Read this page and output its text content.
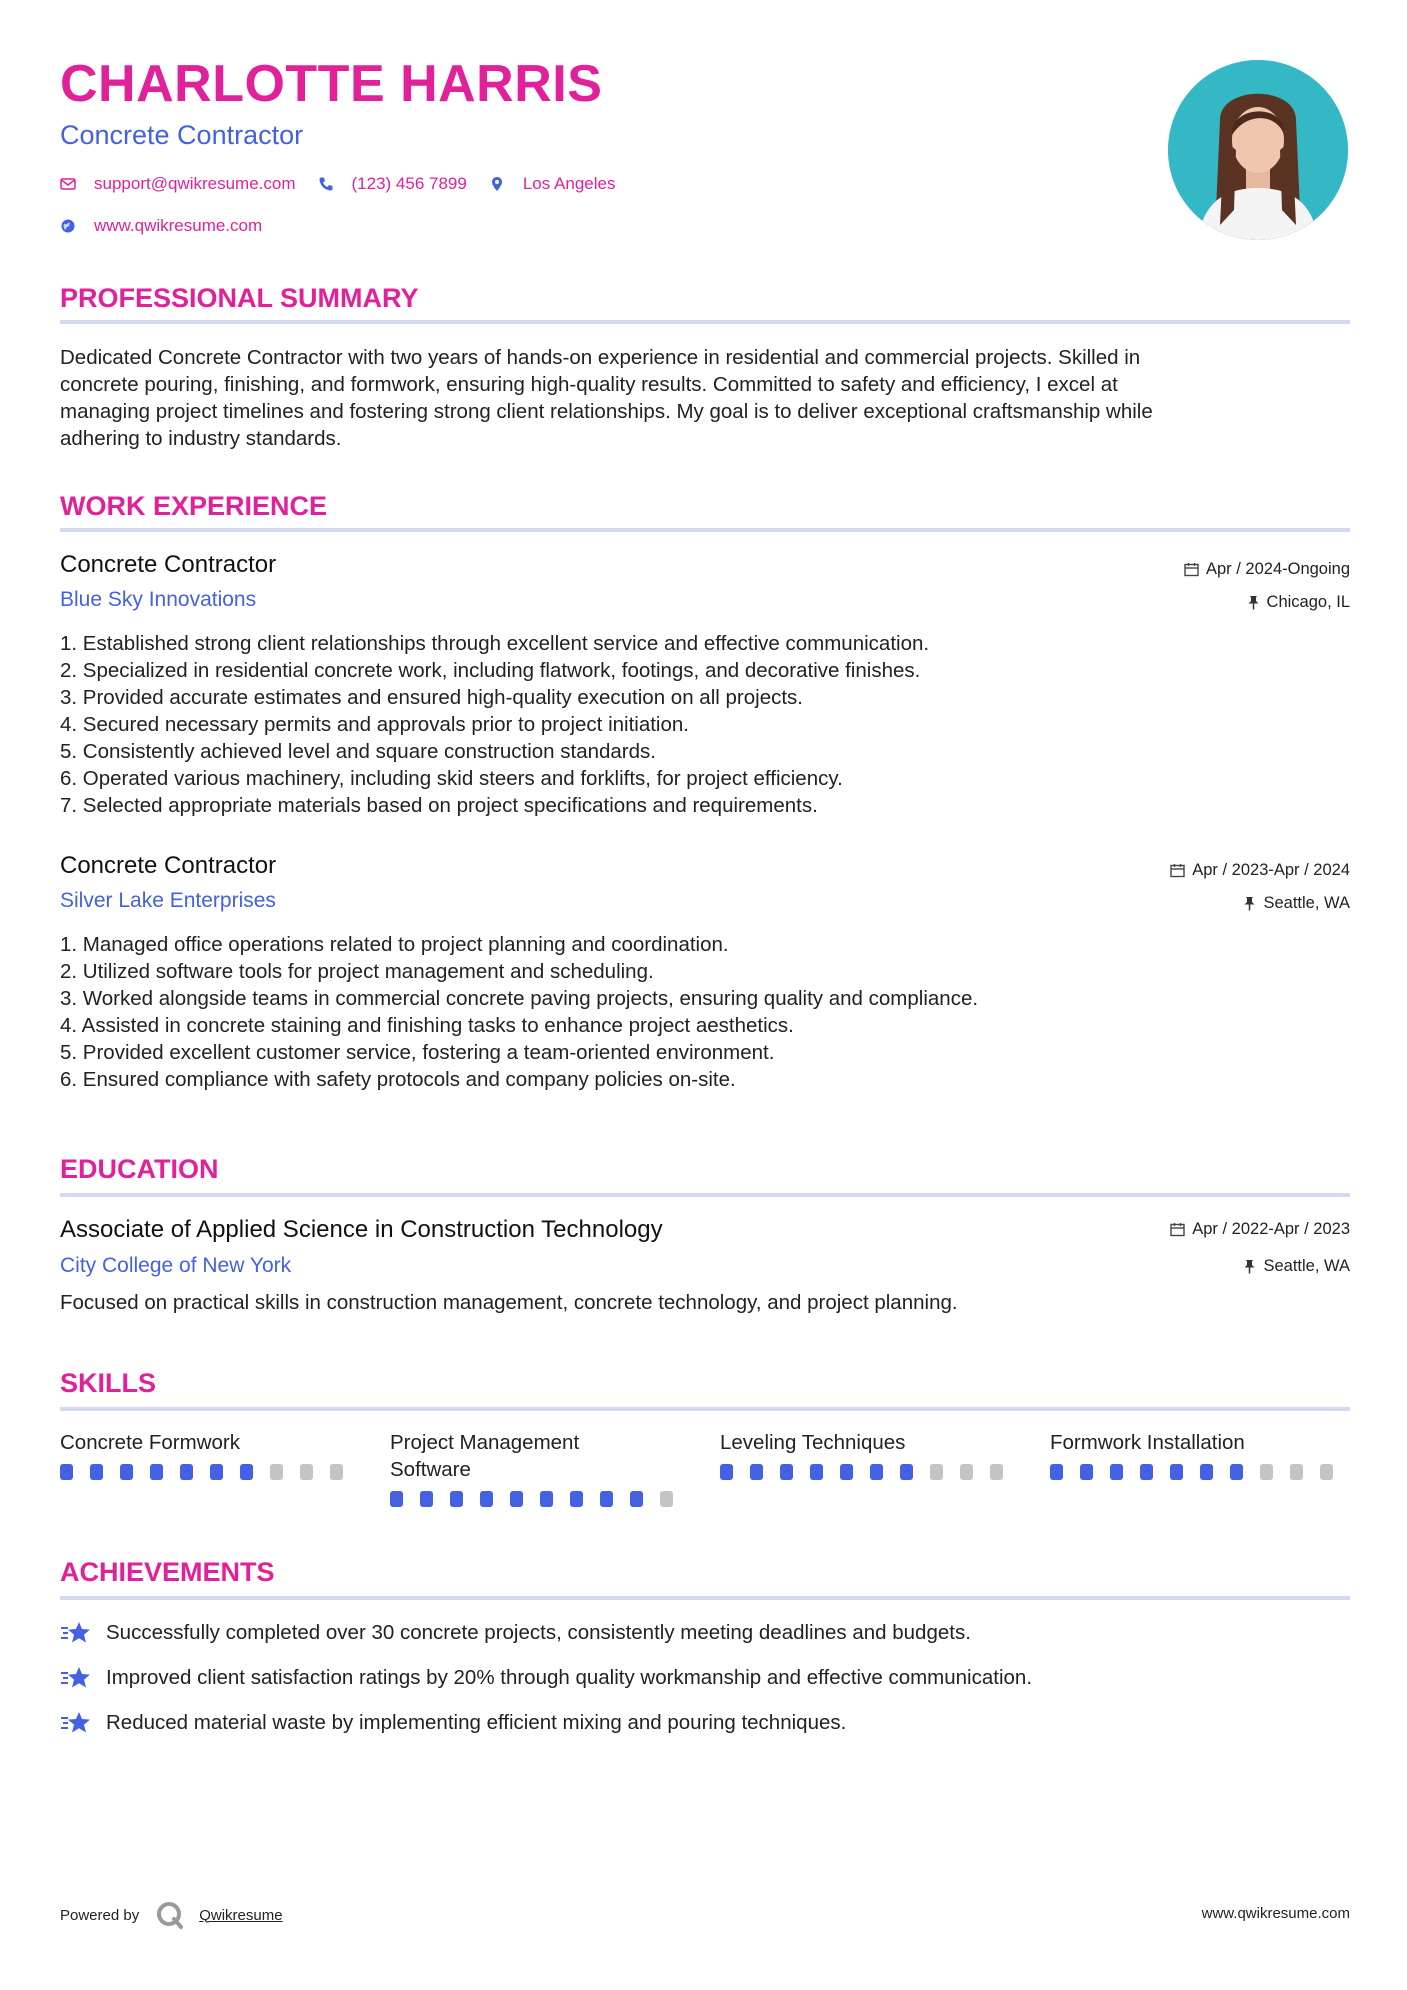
CHARLOTTE HARRIS
Concrete Contractor
support@qwikresume.com	(123) 456 7899	Los Angeles
www.qwikresume.com
PROFESSIONAL SUMMARY
Dedicated Concrete Contractor with two years of hands-on experience in residential and commercial projects. Skilled in
concrete pouring, finishing, and formwork, ensuring high-quality results. Committed to safety and efficiency, I excel at
managing project timelines and fostering strong client relationships. My goal is to deliver exceptional craftsmanship while
adhering to industry standards.
WORK EXPERIENCE
Concrete Contractor	Apr / 2024-Ongoing
Blue Sky Innovations	Chicago, IL
1. Established strong client relationships through excellent service and effective communication.
2. Specialized in residential concrete work, including flatwork, footings, and decorative finishes.
3. Provided accurate estimates and ensured high-quality execution on all projects.
4. Secured necessary permits and approvals prior to project initiation.
5. Consistently achieved level and square construction standards.
6. Operated various machinery, including skid steers and forklifts, for project efficiency.
7. Selected appropriate materials based on project specifications and requirements.
Concrete Contractor	Apr / 2023-Apr / 2024
Silver Lake Enterprises	Seattle, WA
1. Managed office operations related to project planning and coordination.
2. Utilized software tools for project management and scheduling.
3. Worked alongside teams in commercial concrete paving projects, ensuring quality and compliance.
4. Assisted in concrete staining and finishing tasks to enhance project aesthetics.
5. Provided excellent customer service, fostering a team-oriented environment.
6. Ensured compliance with safety protocols and company policies on-site.
EDUCATION
Associate of Applied Science in Construction Technology	Apr / 2022-Apr / 2023
City College of New York	Seattle, WA
Focused on practical skills in construction management, concrete technology, and project planning.
SKILLS
Concrete Formwork	Project Management
Software
Leveling Techniques	Formwork Installation
ACHIEVEMENTS
Successfully completed over 30 concrete projects, consistently meeting deadlines and budgets.
Improved client satisfaction ratings by 20% through quality workmanship and effective communication.
Reduced material waste by implementing efficient mixing and pouring techniques.
Powered by	Qwikresume	www.qwikresume.com
